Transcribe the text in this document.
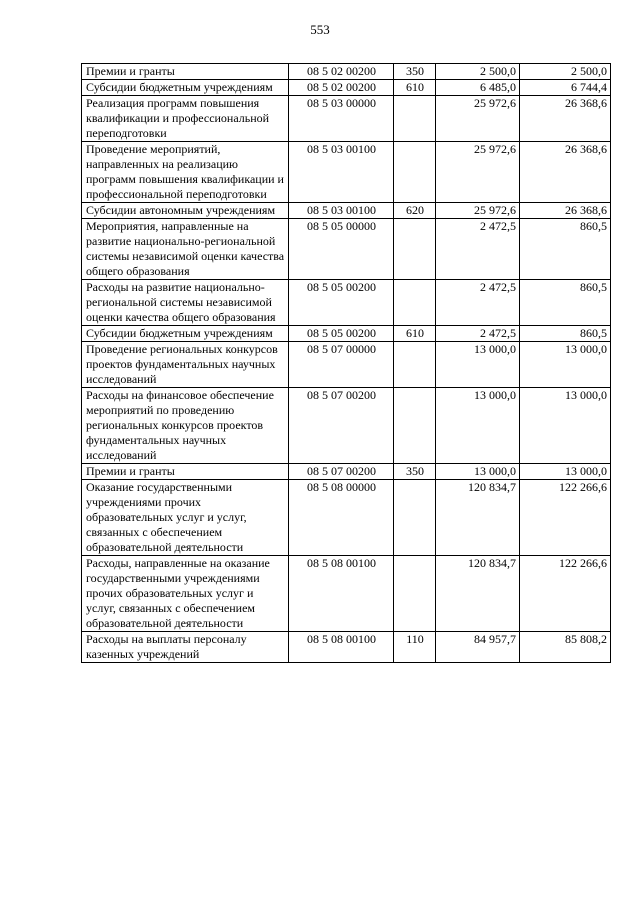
553
Премии и гранты	08 5 02 00200	350	2 500,0	2 500,0
Субсидии бюджетным учреждениям	08 5 02 00200	610	6 485,0	6 744,4
Реализация программ повышения квалификации и профессиональной переподготовки	08 5 03 00000		25 972,6	26 368,6
Проведение мероприятий, направленных на реализацию программ повышения квалификации и профессиональной переподготовки	08 5 03 00100		25 972,6	26 368,6
Субсидии автономным учреждениям	08 5 03 00100	620	25 972,6	26 368,6
Мероприятия, направленные на развитие национально-региональной системы независимой оценки качества общего образования	08 5 05 00000		2 472,5	860,5
Расходы на развитие национально-региональной системы независимой оценки качества общего образования	08 5 05 00200		2 472,5	860,5
Субсидии бюджетным учреждениям	08 5 05 00200	610	2 472,5	860,5
Проведение региональных конкурсов проектов фундаментальных научных исследований	08 5 07 00000		13 000,0	13 000,0
Расходы на финансовое обеспечение мероприятий по проведению региональных конкурсов проектов фундаментальных научных исследований	08 5 07 00200		13 000,0	13 000,0
Премии и гранты	08 5 07 00200	350	13 000,0	13 000,0
Оказание государственными учреждениями прочих образовательных услуг и услуг, связанных с обеспечением образовательной деятельности	08 5 08 00000		120 834,7	122 266,6
Расходы, направленные на оказание государственными учреждениями прочих образовательных услуг и услуг, связанных с обеспечением образовательной деятельности	08 5 08 00100		120 834,7	122 266,6
Расходы на выплаты персоналу казенных учреждений	08 5 08 00100	110	84 957,7	85 808,2
